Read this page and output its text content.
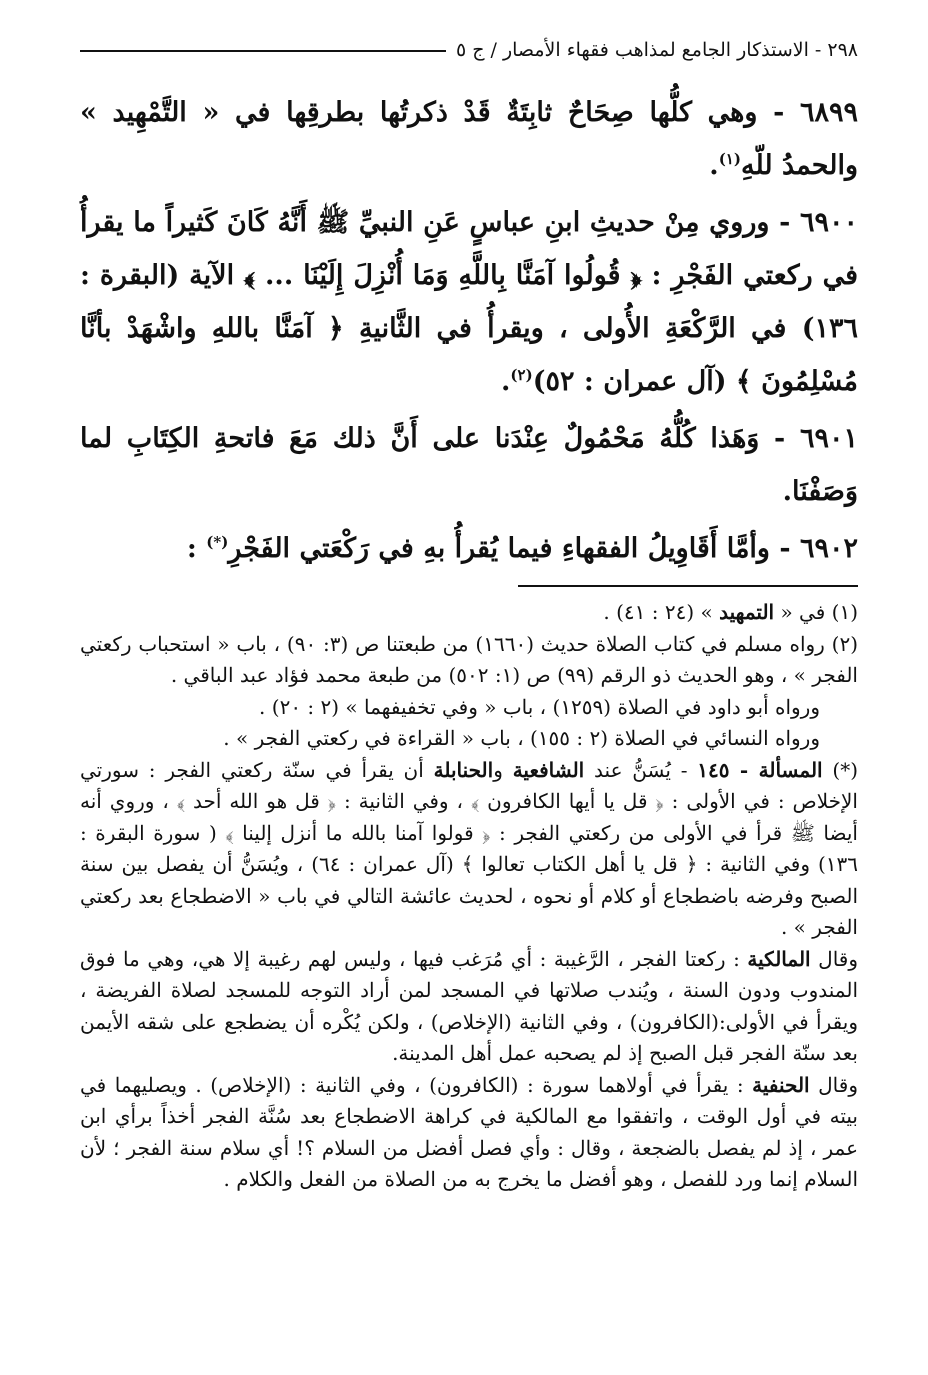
٢٩٨ - الاستذكار الجامع لمذاهب فقهاء الأمصار / ج ٥

٦٨٩٩ - وهي كلُّها صِحَاحٌ ثابِتَةٌ قَدْ ذكرتُها بطرقِها في « التَّمْهِيد » والحمدُ للّهِ$^{(١)}$.

٦٩٠٠ - وروي مِنْ حديثِ ابنِ عباسٍ عَنِ النبيِّ ﷺ أَنَّهُ كَانَ كَثيراً ما يقرأُ في ركعتي الفَجْرِ : ﴿ قُولُوا آمَنَّا بِاللَّهِ وَمَا أُنْزِلَ إِلَيْنَا ... ﴾ الآية (البقرة : ١٣٦) في الرَّكْعَةِ الأُولى ، ويقرأُ في الثَّانيةِ ﴿ آمَنَّا باللهِ واشْهَدْ بأنَّا مُسْلِمُونَ ﴾ (آل عمران : ٥٢)$^{(٢)}$.

٦٩٠١ - وَهَذا كُلُّهُ مَحْمُولٌ عِنْدَنا على أَنَّ ذلك مَعَ فاتحةِ الكِتَابِ لما وَصَفْنَا.

٦٩٠٢ - وأمَّا أَقَاوِيلُ الفقهاءِ فيما يُقرأُ بهِ في رَكْعَتي الفَجْرِ(*) :

(١) في « التمهيد » (٢٤ : ٤١) .

(٢) رواه مسلم في كتاب الصلاة حديث (١٦٦٠) من طبعتنا ص (٣: ٩٠) ، باب « استحباب ركعتي الفجر » ، وهو الحديث ذو الرقم (٩٩) ص (١: ٥٠٢) من طبعة محمد فؤاد عبد الباقي .

ورواه أبو داود في الصلاة (١٢٥٩) ، باب « وفي تخفيفهما » (٢ : ٢٠) .

ورواه النسائي في الصلاة (٢ : ١٥٥) ، باب « القراءة في ركعتي الفجر » .

(*) المسألة - ١٤٥ - يُسَنُّ عند الشافعية والحنابلة أن يقرأ في سنّة ركعتي الفجر : سورتي الإخلاص : في الأولى : ﴿ قل يا أيها الكافرون ﴾ ، وفي الثانية : ﴿ قل هو الله أحد ﴾ ، وروي أنه أيضا ﷺ قرأ في الأولى من ركعتي الفجر : ﴿ قولوا آمنا بالله ما أنزل إلينا ﴾ ( سورة البقرة : ١٣٦) وفي الثانية : ﴿ قل يا أهل الكتاب تعالوا ﴾ (آل عمران : ٦٤) ، ويُسَنُّ أن يفصل بين سنة الصبح وفرضه باضطجاع أو كلام أو نحوه ، لحديث عائشة التالي في باب « الاضطجاع بعد ركعتي الفجر » .

وقال المالكية : ركعتا الفجر ، الرَّغيبة : أي مُرَغب فيها ، وليس لهم رغيبة إلا هي، وهي ما فوق المندوب ودون السنة ، ويُندب صلاتها في المسجد لمن أراد التوجه للمسجد لصلاة الفريضة ، ويقرأ في الأولى:(الكافرون) ، وفي الثانية (الإخلاص) ، ولكن يُكْره أن يضطجع على شقه الأيمن بعد سنّة الفجر قبل الصبح إذ لم يصحبه عمل أهل المدينة.

وقال الحنفية : يقرأ في أولاهما سورة : (الكافرون) ، وفي الثانية : (الإخلاص) . ويصليهما في بيته في أول الوقت ، واتفقوا مع المالكية في كراهة الاضطجاع بعد سُنَّة الفجر أخذاً برأي ابن عمر ، إذ لم يفصل بالضجعة ، وقال : وأي فصل أفضل من السلام ؟! أي سلام سنة الفجر ؛ لأن السلام إنما ورد للفصل ، وهو أفضل ما يخرج به من الصلاة من الفعل والكلام .
